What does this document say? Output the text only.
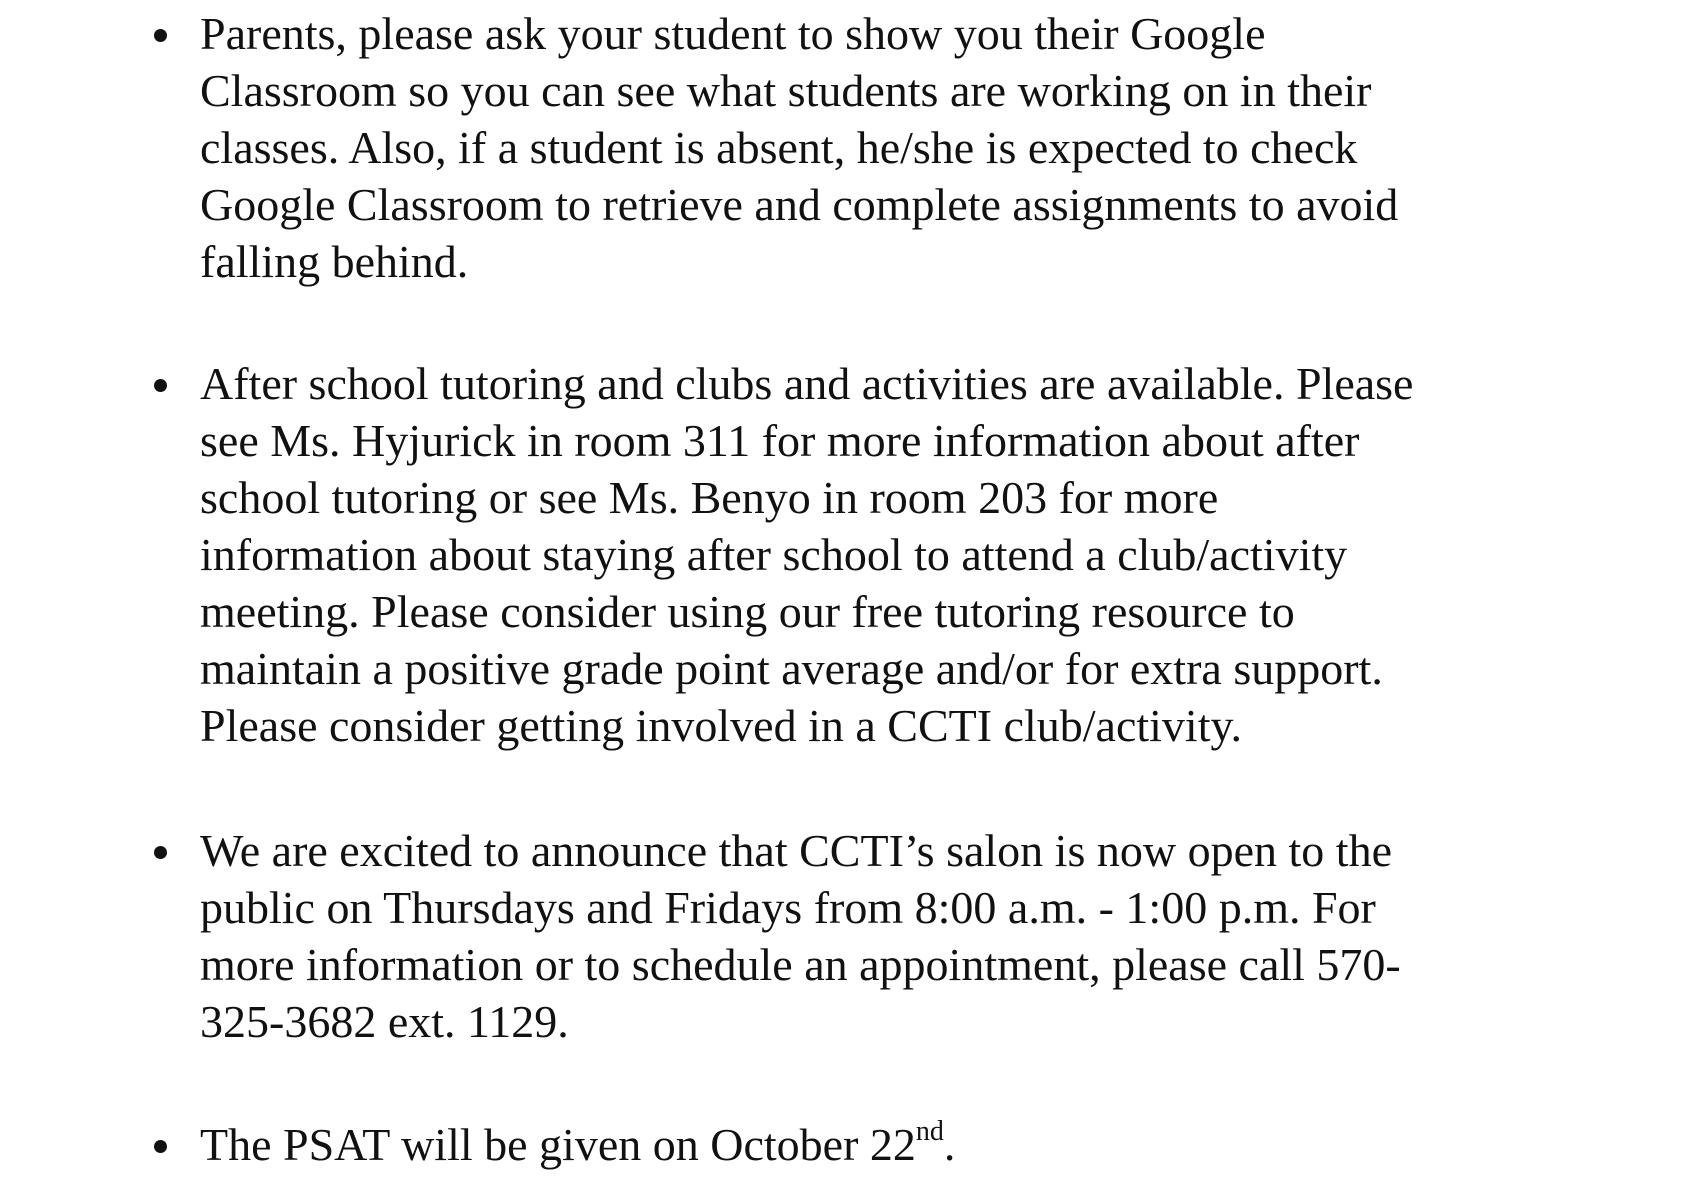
Parents, please ask your student to show you their Google
Classroom so you can see what students are working on in their
classes. Also, if a student is absent, he/she is expected to check
Google Classroom to retrieve and complete assignments to avoid
falling behind.
After school tutoring and clubs and activities are available. Please
see Ms. Hyjurick in room 311 for more information about after
school tutoring or see Ms. Benyo in room 203 for more
information about staying after school to attend a club/activity
meeting. Please consider using our free tutoring resource to
maintain a positive grade point average and/or for extra support.
Please consider getting involved in a CCTI club/activity.
We are excited to announce that CCTI’s salon is now open to the
public on Thursdays and Fridays from 8:00 a.m. - 1:00 p.m. For
more information or to schedule an appointment, please call 570-
325-3682 ext. 1129.
The PSAT will be given on October 22nd.
